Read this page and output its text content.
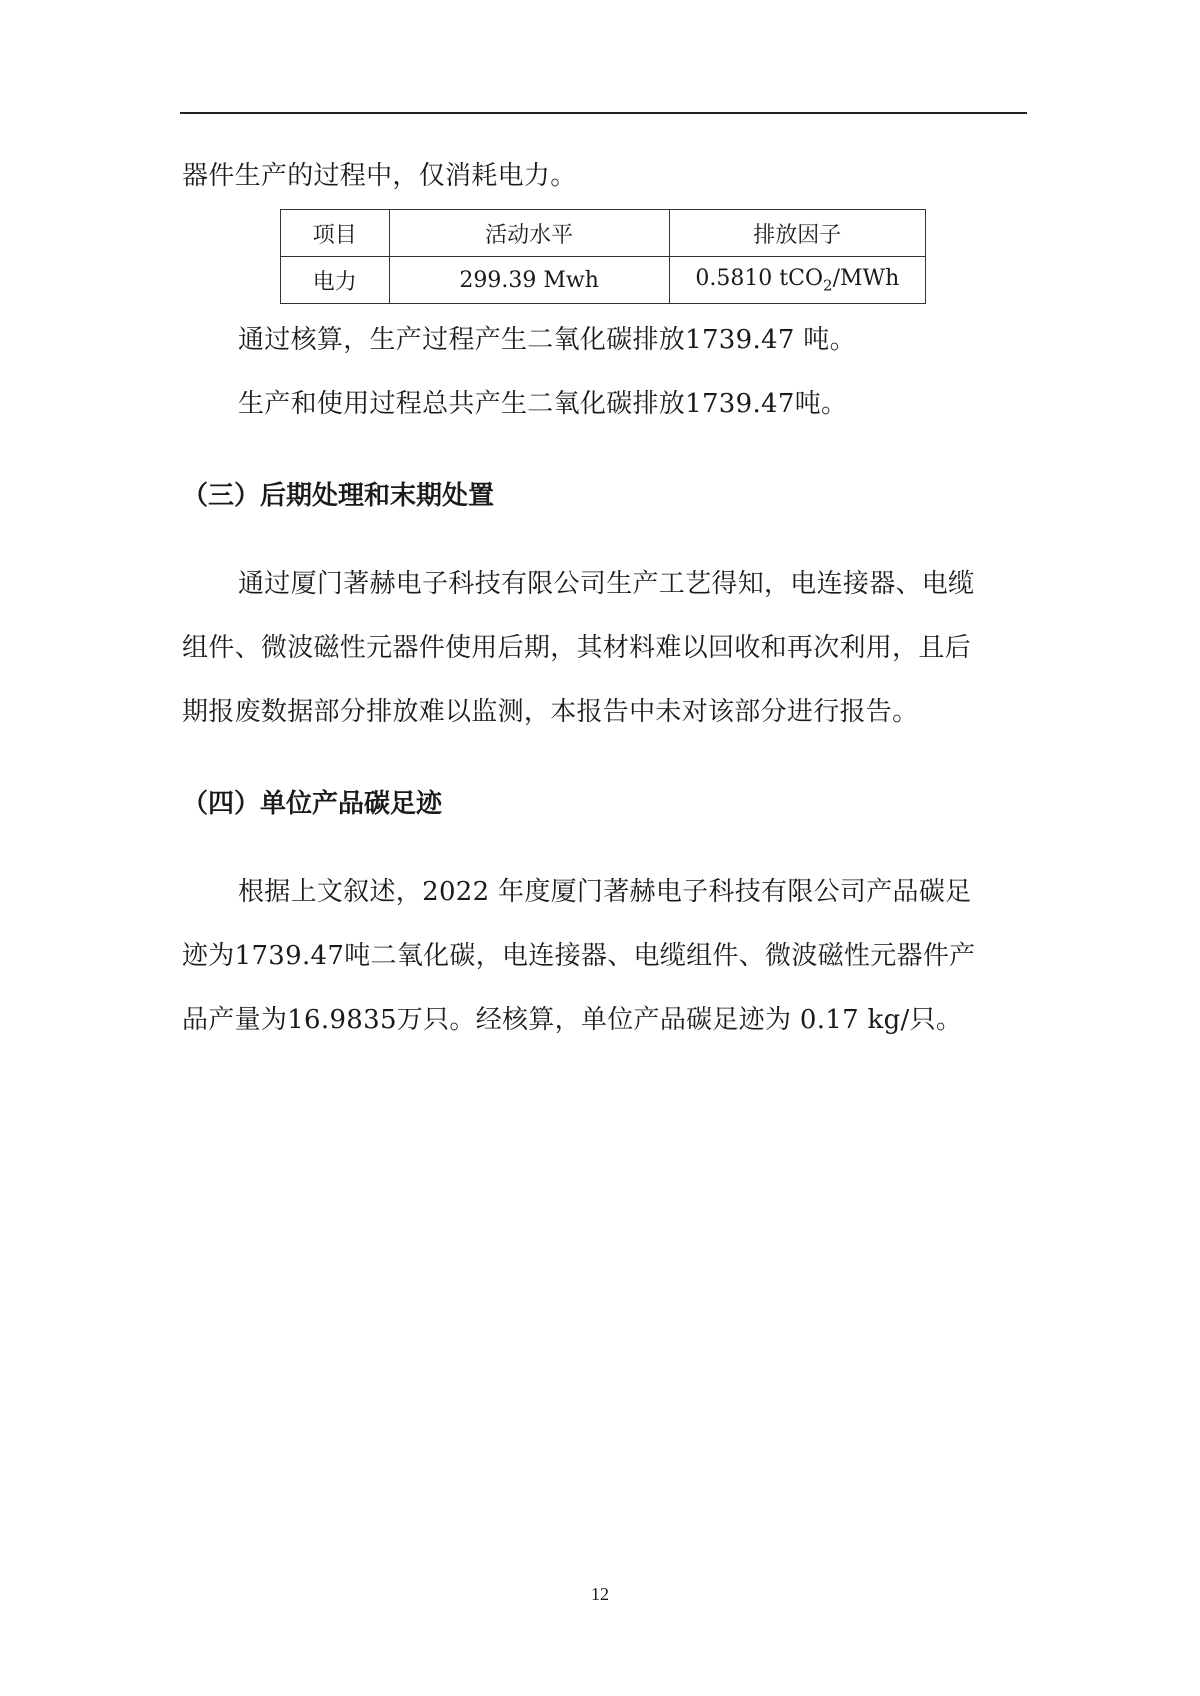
器件生产的过程中，仅消耗电力。
项目	活动水平	排放因子
电力	299.39 Mwh	0.5810 tCO$_2$/MWh
通过核算，生产过程产生二氧化碳排放1739.47 吨。
生产和使用过程总共产生二氧化碳排放1739.47吨。
（三）后期处理和末期处置
通过厦门著赫电子科技有限公司生产工艺得知，电连接器、电缆
组件、微波磁性元器件使用后期，其材料难以回收和再次利用，且后
期报废数据部分排放难以监测，本报告中未对该部分进行报告。
（四）单位产品碳足迹
根据上文叙述，2022 年度厦门著赫电子科技有限公司产品碳足
迹为1739.47吨二氧化碳，电连接器、电缆组件、微波磁性元器件产
品产量为16.9835万只。经核算，单位产品碳足迹为 0.17 kg/只。
12
